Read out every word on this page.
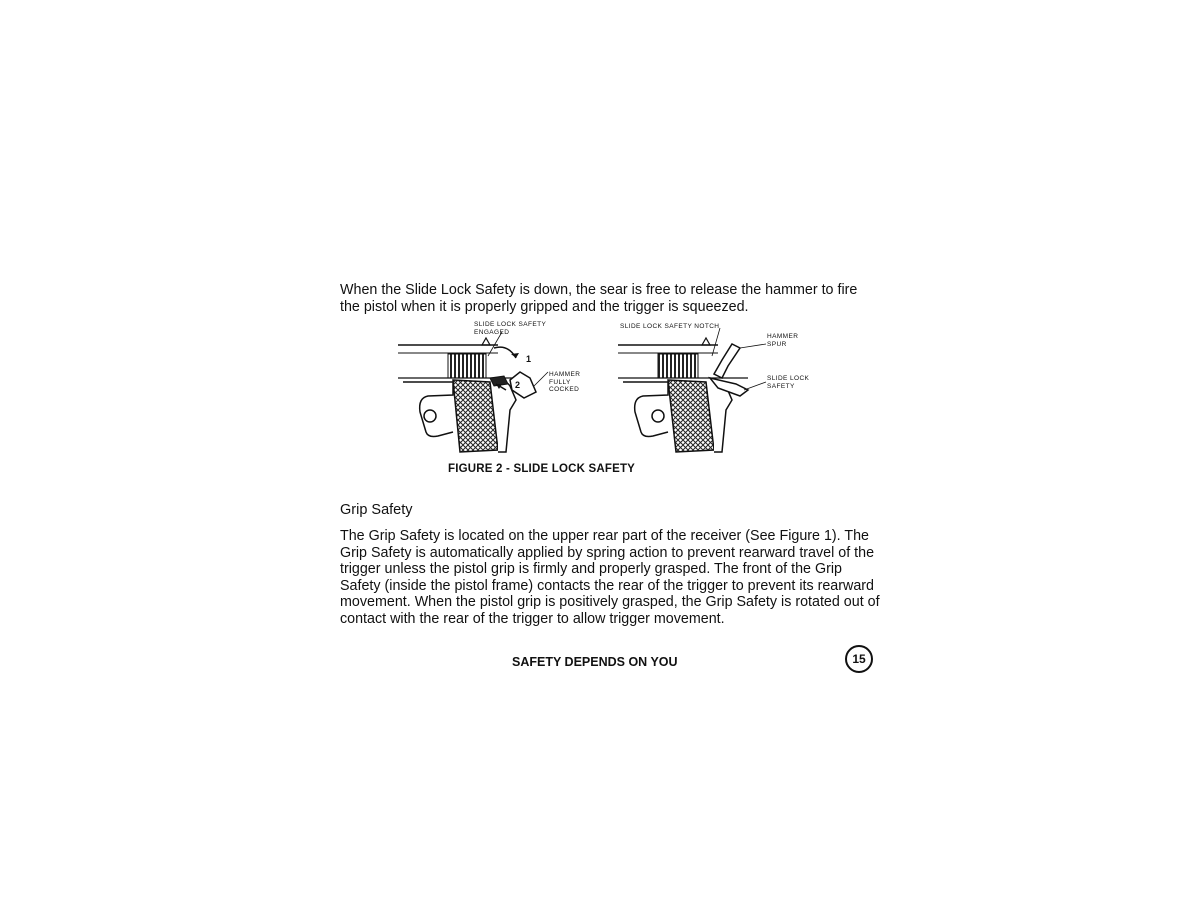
When the Slide Lock Safety is down, the sear is free to release the hammer to fire the pistol when it is properly gripped and the trigger is squeezed.

SLIDE LOCK SAFETY ENGAGED
HAMMER FULLY COCKED
1
2
SLIDE LOCK SAFETY NOTCH
HAMMER SPUR
SLIDE LOCK SAFETY
FIGURE 2 - SLIDE LOCK SAFETY
Grip Safety

The Grip Safety is located on the upper rear part of the receiver (See Figure 1). The Grip Safety is automatically applied by spring action to prevent rearward travel of the trigger unless the pistol grip is firmly and properly grasped. The front of the Grip Safety (inside the pistol frame) contacts the rear of the trigger to prevent its rearward movement. When the pistol grip is positively grasped, the Grip Safety is rotated out of contact with the rear of the trigger to allow trigger movement.

SAFETY DEPENDS ON YOU	15
